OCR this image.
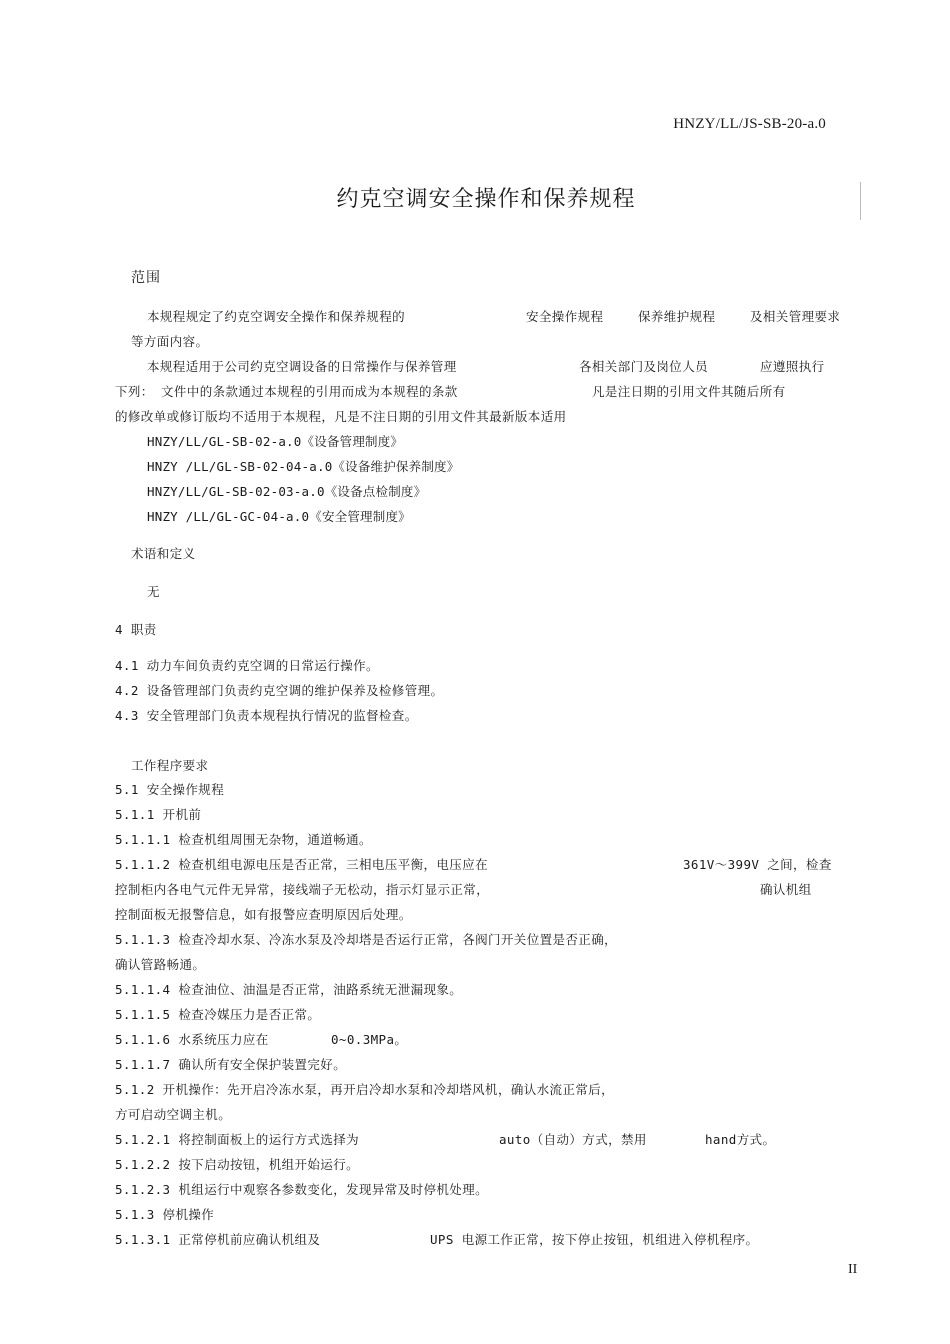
HNZY/LL/JS-SB-20-a.0
约克空调安全操作和保养规程
范围
本规程规定了约克空调安全操作和保养规程的	安全操作规程	保养维护规程	及相关管理要求
等方面内容。
本规程适用于公司约克空调设备的日常操作与保养管理	各相关部门及岗位人员	应遵照执行
下列： 文件中的条款通过本规程的引用而成为本规程的条款	凡是注日期的引用文件其随后所有
的修改单或修订版均不适用于本规程，凡是不注日期的引用文件其最新版本适用
HNZY/LL/GL-SB-02-a.0《设备管理制度》
HNZY /LL/GL-SB-02-04-a.0《设备维护保养制度》
HNZY/LL/GL-SB-02-03-a.0《设备点检制度》
HNZY /LL/GL-GC-04-a.0《安全管理制度》
术语和定义
无
4 职责
4.1 动力车间负责约克空调的日常运行操作。
4.2 设备管理部门负责约克空调的维护保养及检修管理。
4.3 安全管理部门负责本规程执行情况的监督检查。
工作程序要求
5.1 安全操作规程
5.1.1 开机前
5.1.1.1 检查机组周围无杂物，通道畅通。
5.1.1.2 检查机组电源电压是否正常，三相电压平衡，电压应在	361V～399V 之间，检查
控制柜内各电气元件无异常，接线端子无松动，指示灯显示正常，	确认机组
控制面板无报警信息，如有报警应查明原因后处理。
5.1.1.3 检查冷却水泵、冷冻水泵及冷却塔是否运行正常，各阀门开关位置是否正确，
确认管路畅通。
5.1.1.4 检查油位、油温是否正常，油路系统无泄漏现象。
5.1.1.5 检查冷媒压力是否正常。
5.1.1.6 水系统压力应在	0~0.3MPa。
5.1.1.7 确认所有安全保护装置完好。
5.1.2 开机操作：先开启冷冻水泵，再开启冷却水泵和冷却塔风机，确认水流正常后，
方可启动空调主机。
5.1.2.1 将控制面板上的运行方式选择为	auto（自动）方式，禁用	hand方式。
5.1.2.2 按下启动按钮，机组开始运行。
5.1.2.3 机组运行中观察各参数变化，发现异常及时停机处理。
5.1.3 停机操作
5.1.3.1 正常停机前应确认机组及	UPS 电源工作正常，按下停止按钮，机组进入停机程序。
II
